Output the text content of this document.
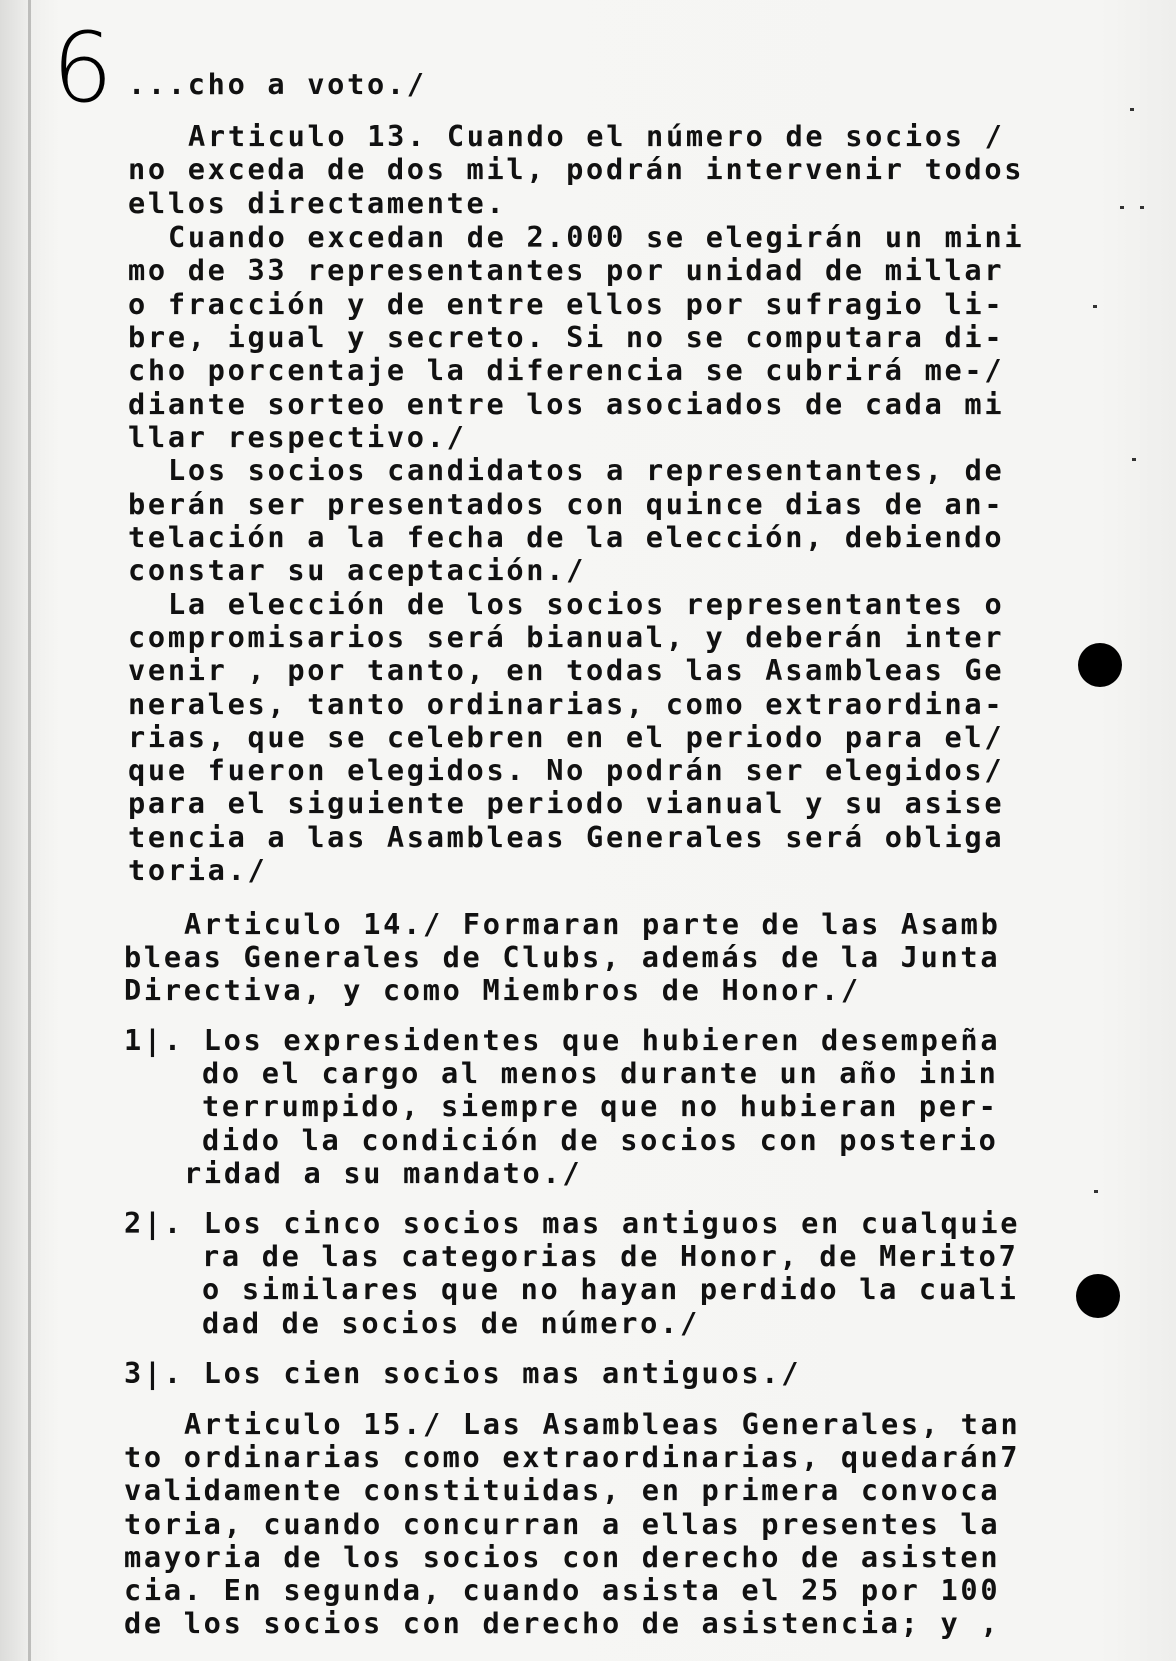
6 ...cho a voto./
Articulo 13. Cuando el número de socios /
no exceda de dos mil, podrán intervenir todos
ellos directamente.
Cuando excedan de 2.000 se elegirán un mini
mo de 33 representantes por unidad de millar
o fracción y de entre ellos por sufragio li-
bre, igual y secreto. Si no se computara di-
cho porcentaje la diferencia se cubrirá me-/
diante sorteo entre los asociados de cada mi
llar respectivo./
Los socios candidatos a representantes, de
berán ser presentados con quince dias de an-
telación a la fecha de la elección, debiendo
constar su aceptación./
La elección de los socios representantes o
compromisarios será bianual, y deberán inter
venir , por tanto, en todas las Asambleas Ge
nerales, tanto ordinarias, como extraordina-
rias, que se celebren en el periodo para el/
que fueron elegidos. No podrán ser elegidos/
para el siguiente periodo vianual y su asise
tencia a las Asambleas Generales será obliga
toria./
Articulo 14./ Formaran parte de las Asamb
bleas Generales de Clubs, además de la Junta
Directiva, y como Miembros de Honor./
1|. Los expresidentes que hubieren desempeña
do el cargo al menos durante un año inin
terrumpido, siempre que no hubieran per-
dido la condición de socios con posterio
ridad a su mandato./
2|. Los cinco socios mas antiguos en cualquie
ra de las categorias de Honor, de Merito7
o similares que no hayan perdido la cuali
dad de socios de número./
3|. Los cien socios mas antiguos./
Articulo 15./ Las Asambleas Generales, tan
to ordinarias como extraordinarias, quedarán7
validamente constituidas, en primera convoca
toria, cuando concurran a ellas presentes la
mayoria de los socios con derecho de asisten
cia. En segunda, cuando asista el 25 por 100
de los socios con derecho de asistencia; y ,
